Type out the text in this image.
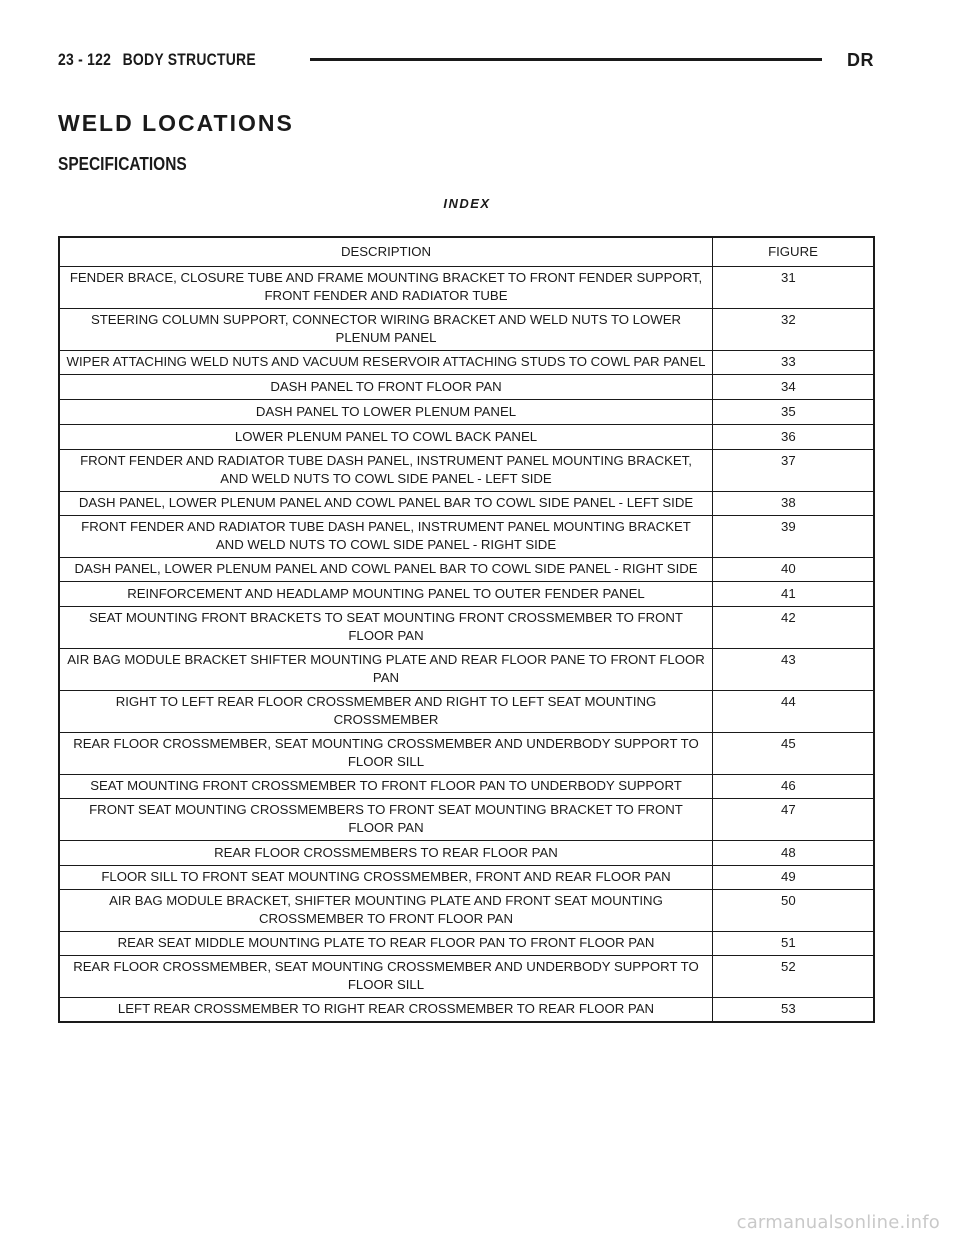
23 - 122 BODY STRUCTURE	DR
WELD LOCATIONS
SPECIFICATIONS
INDEX
DESCRIPTION	FIGURE
FENDER BRACE, CLOSURE TUBE AND FRAME MOUNTING BRACKET TO FRONT FENDER SUPPORT, FRONT FENDER AND RADIATOR TUBE	31
STEERING COLUMN SUPPORT, CONNECTOR WIRING BRACKET AND WELD NUTS TO LOWER PLENUM PANEL	32
WIPER ATTACHING WELD NUTS AND VACUUM RESERVOIR ATTACHING STUDS TO COWL PAR PANEL	33
DASH PANEL TO FRONT FLOOR PAN	34
DASH PANEL TO LOWER PLENUM PANEL	35
LOWER PLENUM PANEL TO COWL BACK PANEL	36
FRONT FENDER AND RADIATOR TUBE DASH PANEL, INSTRUMENT PANEL MOUNTING BRACKET, AND WELD NUTS TO COWL SIDE PANEL - LEFT SIDE	37
DASH PANEL, LOWER PLENUM PANEL AND COWL PANEL BAR TO COWL SIDE PANEL - LEFT SIDE	38
FRONT FENDER AND RADIATOR TUBE DASH PANEL, INSTRUMENT PANEL MOUNTING BRACKET AND WELD NUTS TO COWL SIDE PANEL - RIGHT SIDE	39
DASH PANEL, LOWER PLENUM PANEL AND COWL PANEL BAR TO COWL SIDE PANEL - RIGHT SIDE	40
REINFORCEMENT AND HEADLAMP MOUNTING PANEL TO OUTER FENDER PANEL	41
SEAT MOUNTING FRONT BRACKETS TO SEAT MOUNTING FRONT CROSSMEMBER TO FRONT FLOOR PAN	42
AIR BAG MODULE BRACKET SHIFTER MOUNTING PLATE AND REAR FLOOR PANE TO FRONT FLOOR PAN	43
RIGHT TO LEFT REAR FLOOR CROSSMEMBER AND RIGHT TO LEFT SEAT MOUNTING CROSSMEMBER	44
REAR FLOOR CROSSMEMBER, SEAT MOUNTING CROSSMEMBER AND UNDERBODY SUPPORT TO FLOOR SILL	45
SEAT MOUNTING FRONT CROSSMEMBER TO FRONT FLOOR PAN TO UNDERBODY SUPPORT	46
FRONT SEAT MOUNTING CROSSMEMBERS TO FRONT SEAT MOUNTING BRACKET TO FRONT FLOOR PAN	47
REAR FLOOR CROSSMEMBERS TO REAR FLOOR PAN	48
FLOOR SILL TO FRONT SEAT MOUNTING CROSSMEMBER, FRONT AND REAR FLOOR PAN	49
AIR BAG MODULE BRACKET, SHIFTER MOUNTING PLATE AND FRONT SEAT MOUNTING CROSSMEMBER TO FRONT FLOOR PAN	50
REAR SEAT MIDDLE MOUNTING PLATE TO REAR FLOOR PAN TO FRONT FLOOR PAN	51
REAR FLOOR CROSSMEMBER, SEAT MOUNTING CROSSMEMBER AND UNDERBODY SUPPORT TO FLOOR SILL	52
LEFT REAR CROSSMEMBER TO RIGHT REAR CROSSMEMBER TO REAR FLOOR PAN	53
carmanualsonline.info
